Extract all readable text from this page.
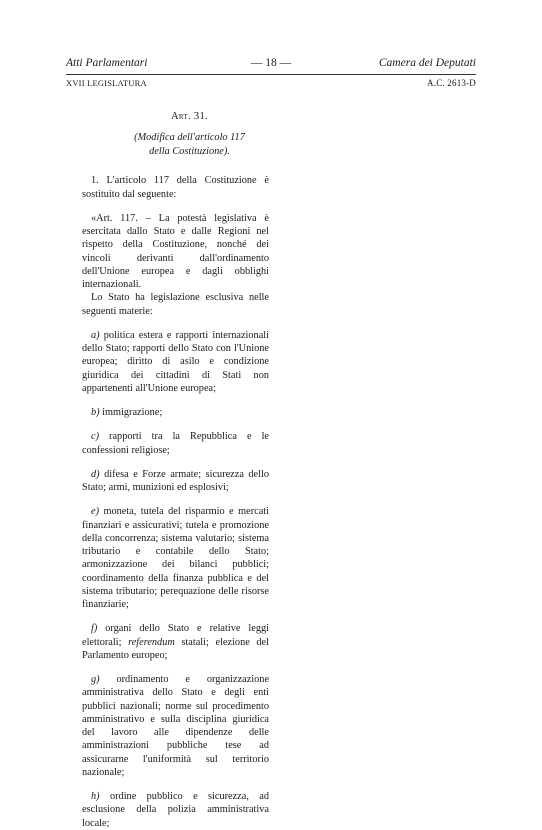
Atti Parlamentari	— 18 —	Camera dei Deputati
XVII LEGISLATURA	A.C. 2613-D
Art. 31.
(Modifica dell'articolo 117
della Costituzione).

1. L'articolo 117 della Costituzione è sostituito dal seguente:

«Art. 117. – La potestà legislativa è esercitata dallo Stato e dalle Regioni nel rispetto della Costituzione, nonché dei vincoli derivanti dall'ordinamento dell'Unione europea e dagli obblighi internazionali.

Lo Stato ha legislazione esclusiva nelle seguenti materie:

a) politica estera e rapporti internazionali dello Stato; rapporti dello Stato con l'Unione europea; diritto di asilo e condizione giuridica dei cittadini di Stati non appartenenti all'Unione europea;

b) immigrazione;

c) rapporti tra la Repubblica e le confessioni religiose;

d) difesa e Forze armate; sicurezza dello Stato; armi, munizioni ed esplosivi;

e) moneta, tutela del risparmio e mercati finanziari e assicurativi; tutela e promozione della concorrenza; sistema valutario; sistema tributario e contabile dello Stato; armonizzazione dei bilanci pubblici; coordinamento della finanza pubblica e del sistema tributario; perequazione delle risorse finanziarie;

f) organi dello Stato e relative leggi elettorali; referendum statali; elezione del Parlamento europeo;

g) ordinamento e organizzazione amministrativa dello Stato e degli enti pubblici nazionali; norme sul procedimento amministrativo e sulla disciplina giuridica del lavoro alle dipendenze delle amministrazioni pubbliche tese ad assicurarne l'uniformità sul territorio nazionale;

h) ordine pubblico e sicurezza, ad esclusione della polizia amministrativa locale;
